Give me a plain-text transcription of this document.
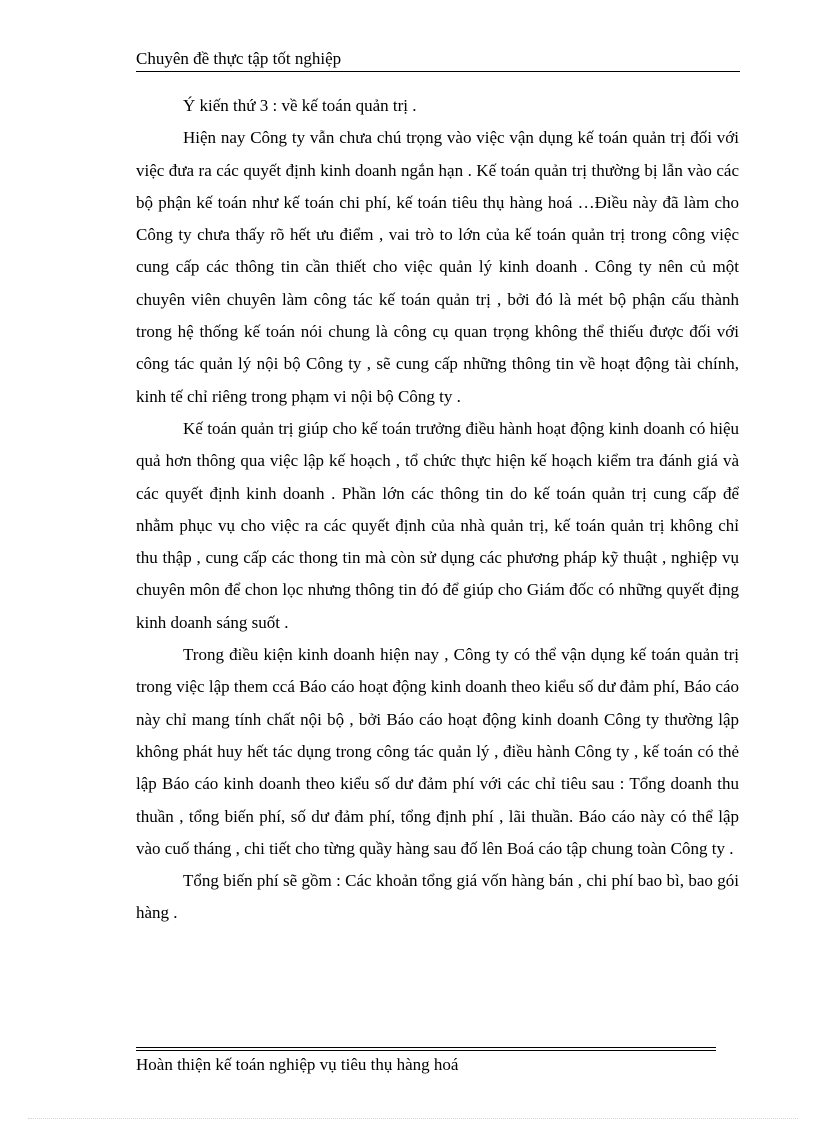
Chuyên đề thực tập tốt nghiệp

Ý kiến thứ 3 : về kế toán quản trị .

Hiện nay Công ty vẫn chưa chú trọng vào việc vận dụng kế toán quản trị đối với việc đưa ra các quyết định kinh doanh ngắn hạn . Kế toán quản trị thường bị lẫn vào các bộ phận kế toán như kế toán chi phí, kế toán tiêu thụ hàng hoá …Điều này đã làm cho Công ty chưa thấy rõ hết ưu điểm , vai trò to lớn của kế toán quản trị trong công việc cung cấp các thông tin cần thiết cho việc quản lý kinh doanh . Công ty nên củ một chuyên viên chuyên làm công tác kế toán quản trị , bởi đó là mét bộ phận cấu thành trong hệ thống kế toán nói chung là công cụ quan trọng không thể thiếu được đối với công tác quản lý nội bộ Công ty , sẽ cung cấp những thông tin về hoạt động tài chính, kinh tế chỉ riêng trong phạm vi nội bộ Công ty .

Kế toán quản trị giúp cho kế toán trưởng điều hành hoạt động kinh doanh có hiệu quả hơn thông qua việc lập kế hoạch , tổ chức thực hiện kế hoạch kiểm tra đánh giá và các quyết định kinh doanh . Phần lớn các thông tin do kế toán quản trị cung cấp để nhằm phục vụ cho việc ra các quyết định của nhà quản trị, kế toán quản trị không chỉ thu thập , cung cấp các thong tin mà còn sử dụng các phương pháp kỹ thuật , nghiệp vụ chuyên môn để chon lọc nhưng thông tin đó để giúp cho Giám đốc có những quyết địng kinh doanh sáng suốt .

Trong điều kiện kinh doanh hiện nay , Công ty có thể vận dụng kế toán quản trị trong việc lập them ccá Báo cáo hoạt động kinh doanh theo kiểu số dư đảm phí, Báo cáo này chỉ mang tính chất nội bộ , bởi Báo cáo hoạt động kinh doanh Công ty thường lập không phát huy hết tác dụng trong công tác quản lý , điều hành Công ty , kế toán có thẻ lập Báo cáo kinh doanh theo kiểu số dư đảm phí với các chỉ tiêu sau : Tổng doanh thu thuần , tổng biến phí, số dư đảm phí, tổng định phí , lãi thuần. Báo cáo này có thể lập vào cuố tháng , chi tiết cho từng quầy hàng sau đố lên Boá cáo tập chung toàn Công ty .

Tổng biến phí sẽ gồm : Các khoản tổng giá vốn hàng bán , chi phí bao bì, bao gói hàng .

Hoàn thiện kế toán nghiệp vụ tiêu thụ hàng hoá
